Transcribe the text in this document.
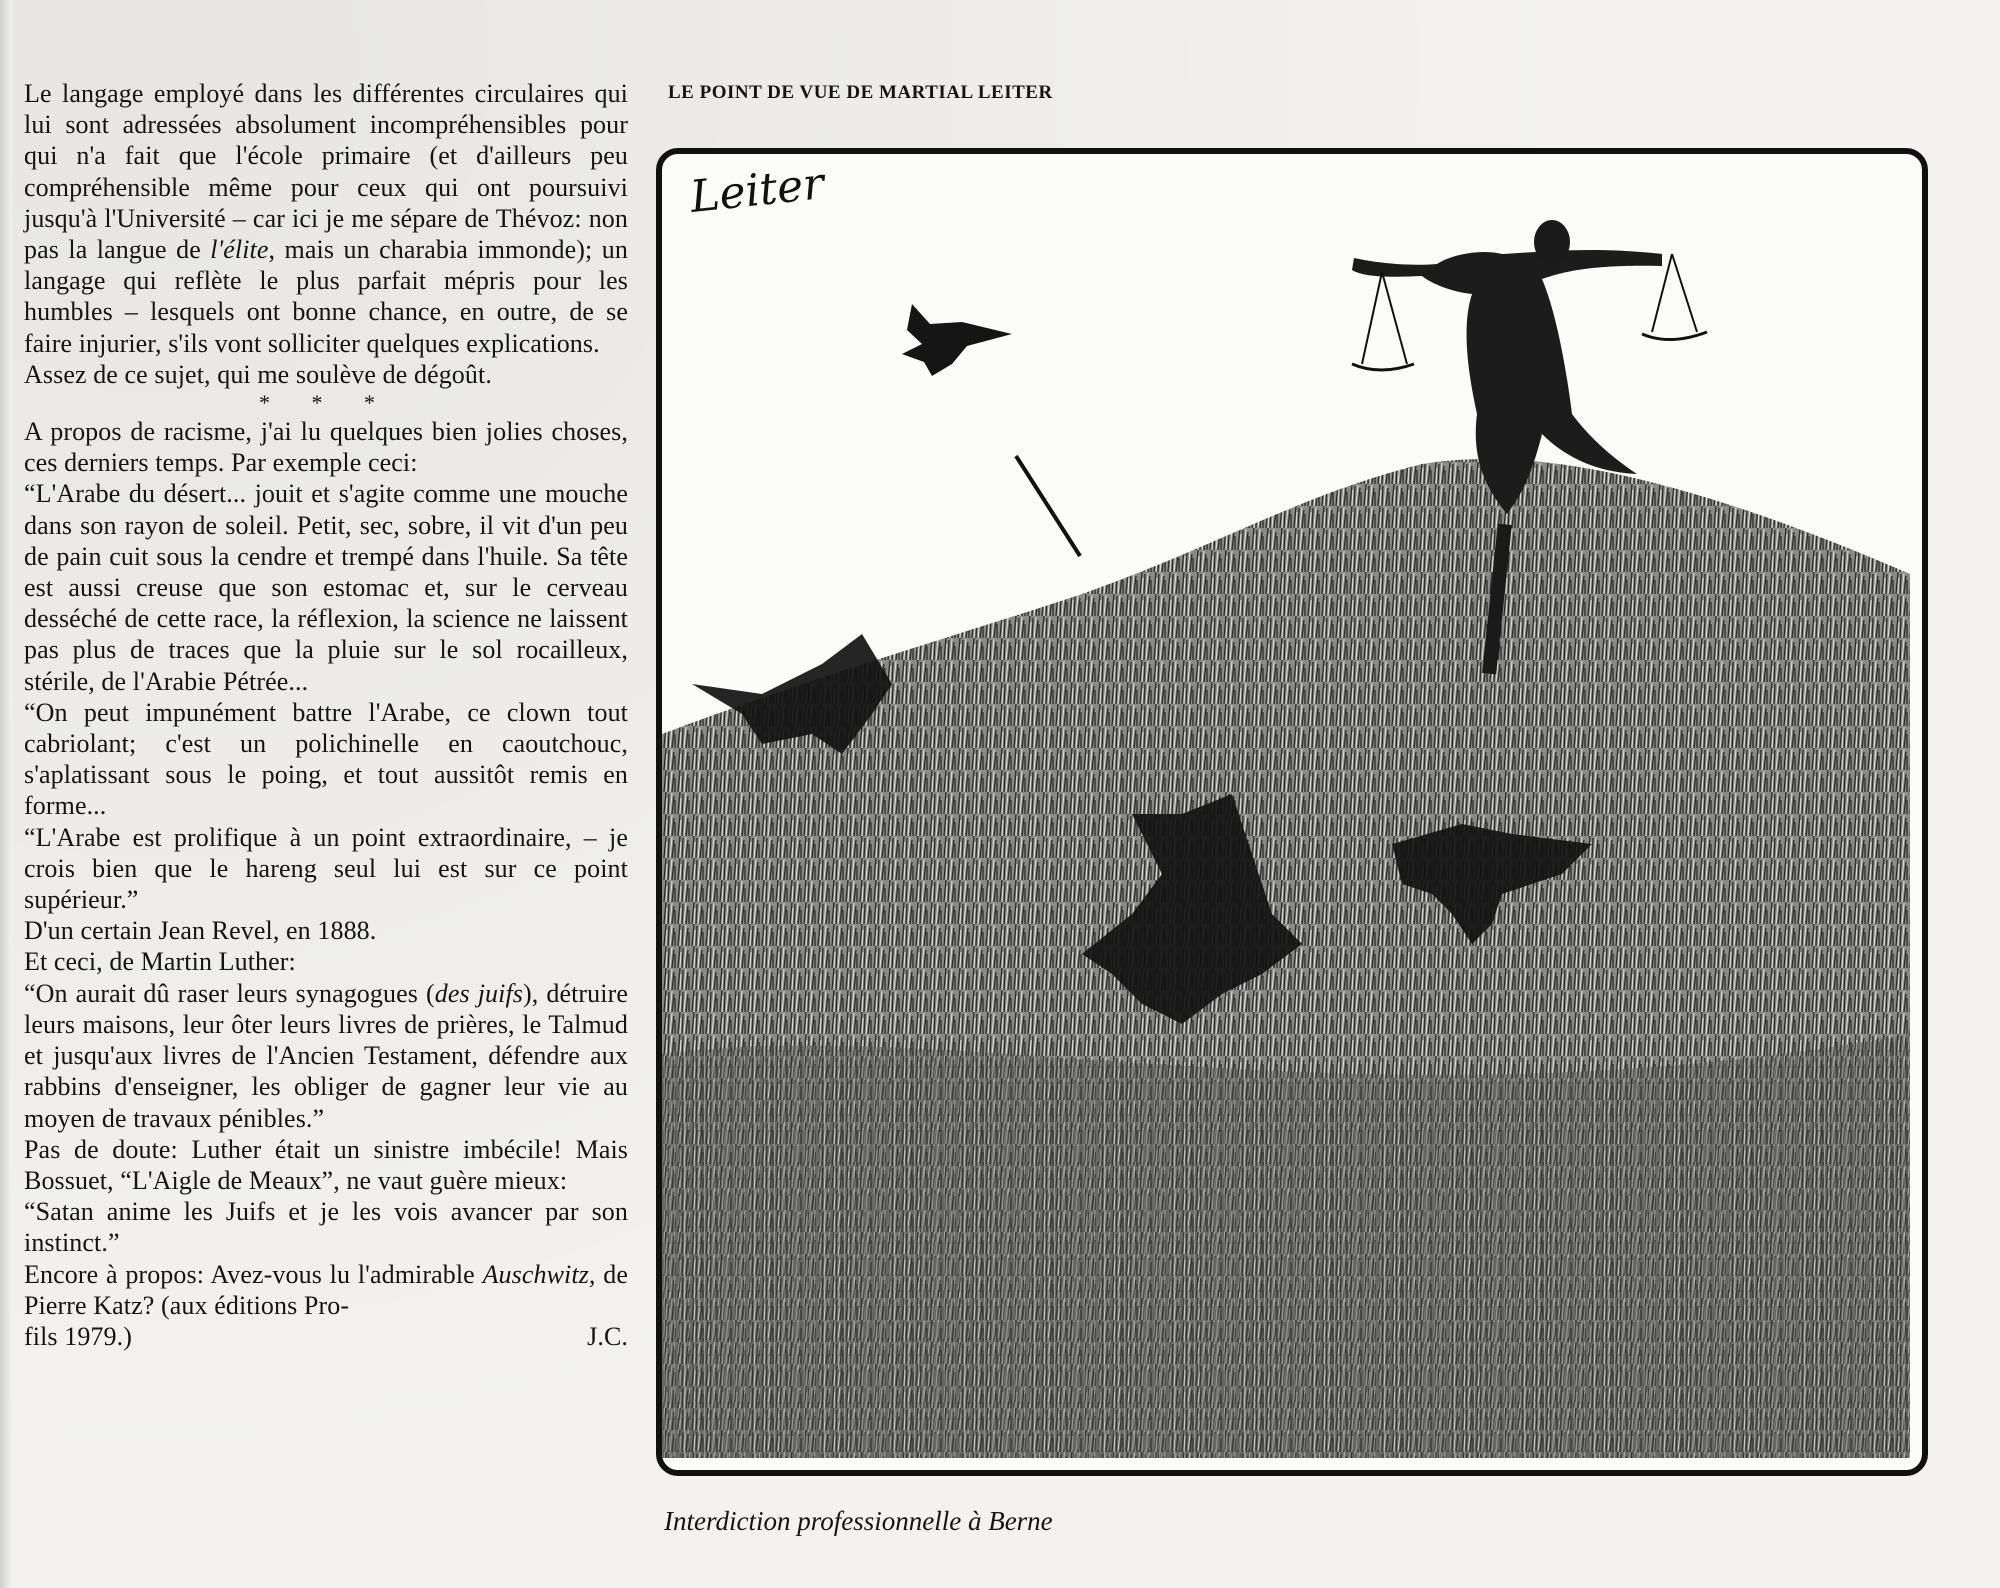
Le langage employé dans les différentes circulaires qui lui sont adressées absolument incompréhensibles pour qui n'a fait que l'école primaire (et d'ailleurs peu compréhensible même pour ceux qui ont poursuivi jusqu'à l'Université – car ici je me sépare de Thévoz: non pas la langue de l'élite, mais un charabia immonde); un langage qui reflète le plus parfait mépris pour les humbles – lesquels ont bonne chance, en outre, de se faire injurier, s'ils vont solliciter quelques explications.

Assez de ce sujet, qui me soulève de dégoût.

* * *

A propos de racisme, j'ai lu quelques bien jolies choses, ces derniers temps. Par exemple ceci:

“L'Arabe du désert... jouit et s'agite comme une mouche dans son rayon de soleil. Petit, sec, sobre, il vit d'un peu de pain cuit sous la cendre et trempé dans l'huile. Sa tête est aussi creuse que son estomac et, sur le cerveau desséché de cette race, la réflexion, la science ne laissent pas plus de traces que la pluie sur le sol rocailleux, stérile, de l'Arabie Pétrée...

“On peut impunément battre l'Arabe, ce clown tout cabriolant; c'est un polichinelle en caoutchouc, s'aplatissant sous le poing, et tout aussitôt remis en forme...

“L'Arabe est prolifique à un point extraordinaire, – je crois bien que le hareng seul lui est sur ce point supérieur.”

D'un certain Jean Revel, en 1888.

Et ceci, de Martin Luther:

“On aurait dû raser leurs synagogues (des juifs), détruire leurs maisons, leur ôter leurs livres de prières, le Talmud et jusqu'aux livres de l'Ancien Testament, défendre aux rabbins d'enseigner, les obliger de gagner leur vie au moyen de travaux pénibles.”

Pas de doute: Luther était un sinistre imbécile! Mais Bossuet, “L'Aigle de Meaux”, ne vaut guère mieux:

“Satan anime les Juifs et je les vois avancer par son instinct.”

Encore à propos: Avez-vous lu l'admirable Auschwitz, de Pierre Katz? (aux éditions Pro-

fils 1979.)	J.C.
LE POINT DE VUE DE MARTIAL LEITER
Leiter
Interdiction professionnelle à Berne
